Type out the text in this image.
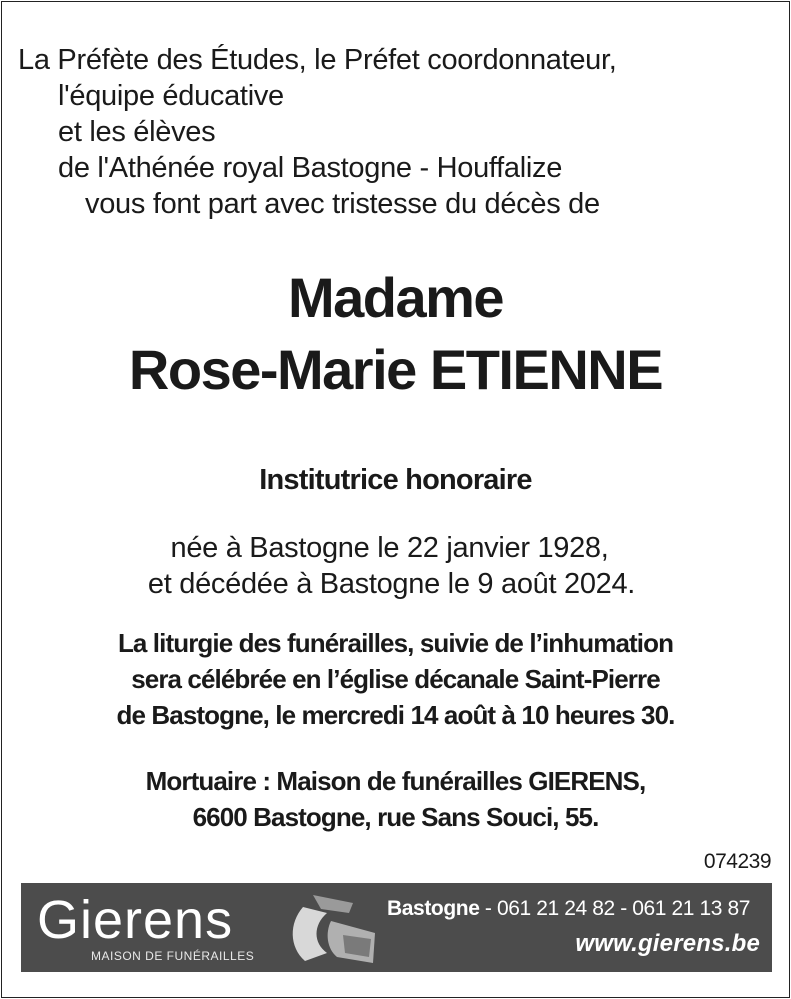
La Préfète des Études, le Préfet coordonnateur,
l'équipe éducative
et les élèves
de l'Athénée royal Bastogne - Houffalize
vous font part avec tristesse du décès de
Madame
Rose-Marie ETIENNE
Institutrice honoraire
née à Bastogne le 22 janvier 1928,
et décédée à Bastogne le 9 août 2024.
La liturgie des funérailles, suivie de l’inhumation
sera célébrée en l’église décanale Saint-Pierre
de Bastogne, le mercredi 14 août à 10 heures 30.
Mortuaire : Maison de funérailles GIERENS,
6600 Bastogne, rue Sans Souci, 55.
074239
Gierens
MAISON DE FUNÉRAILLES
Bastogne - 061 21 24 82 - 061 21 13 87
www.gierens.be
